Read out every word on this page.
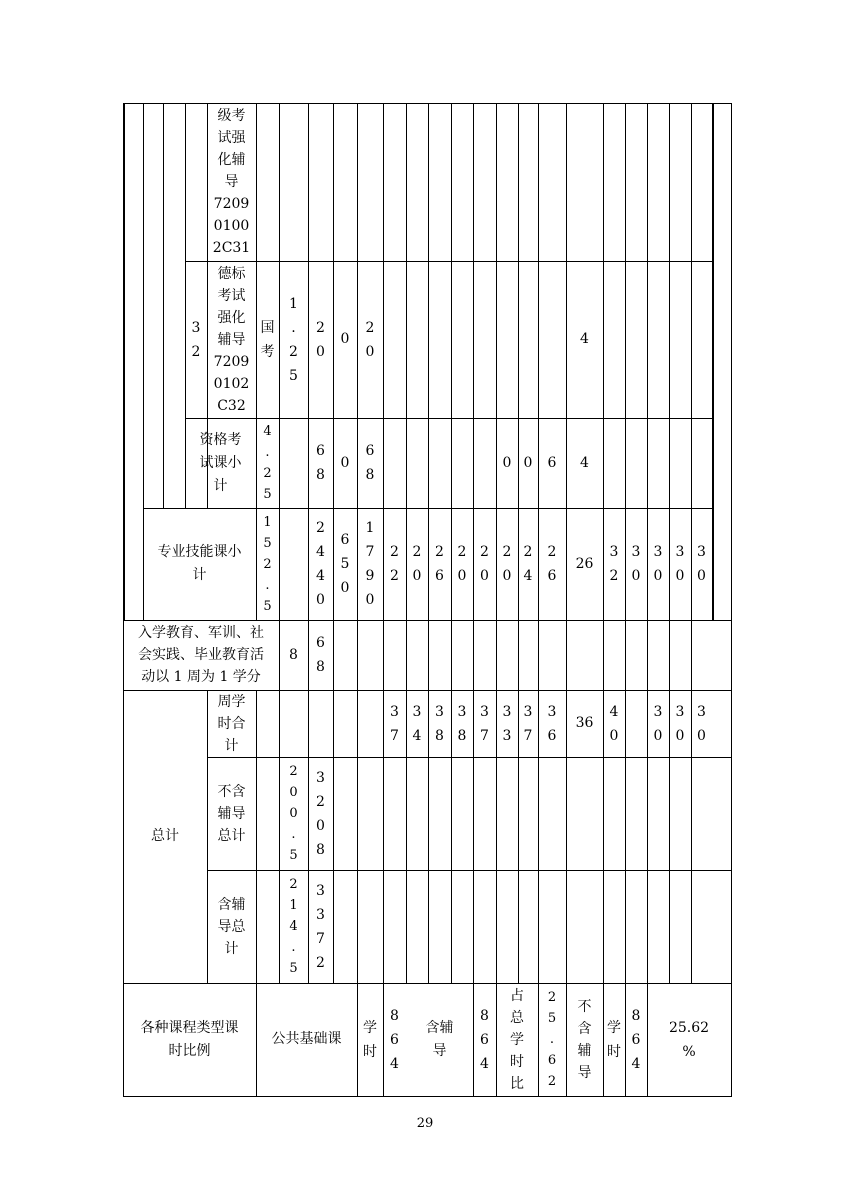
级考
试强
化辅
导
7209
0100
2C31
3
2
德标
考试
强化
辅导
7209
0102
C32
国
考
1
.
2
5
2
0
0
2
0
4
资格考
试课小
计
4
.
2
5
6
8
0
6
8
0 0	6	4
专业技能课小
计
1
5
2
.
5
2
4
4
0
6
5
0
1
7
9
0
2
2
2
0
2
6
2
0
2
0
2
0
2
4
2
6
26
3
2
3
0
3
0
3
0
3
0
入学教育、军训、社
会实践、毕业教育活
动以 1 周为 1 学分
8
6
8
总计
周学
时合
计
3
7
3
4
3
8
3
8
3
7
3
3
3
7
3
6
36
4
0
3
0
3
0
3
0
不含
辅导
总计
2
0
0
.
5
3
2
0
8
含辅
导总
计
2
1
4
.
5
3
3
7
2
各种课程类型课
时比例
公共基础课
学
时
8
6
4
含辅
导
8
6
4
占
总
学
时
比
2
5
.
6
2
不
含
辅
导
学
时
8
6
4
25.62
%
29
